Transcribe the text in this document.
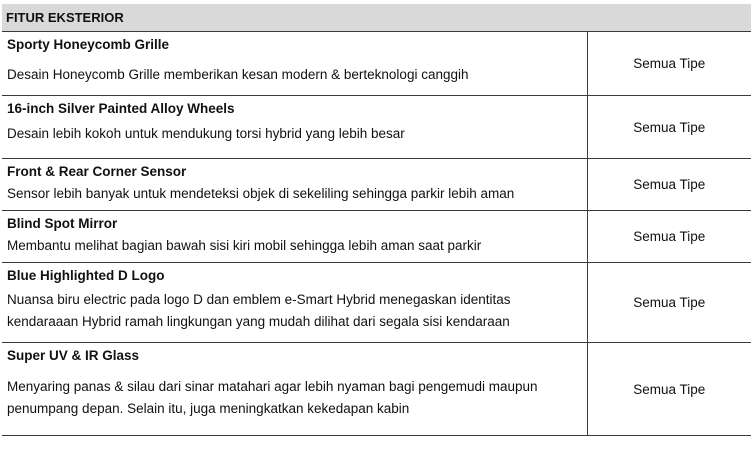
FITUR EKSTERIOR	

Sporty Honeycomb Grille
Desain Honeycomb Grille memberikan kesan modern & berteknologi canggih	Semua Tipe

16-inch Silver Painted Alloy Wheels
Desain lebih kokoh untuk mendukung torsi hybrid yang lebih besar	Semua Tipe

Front & Rear Corner Sensor
Sensor lebih banyak untuk mendeteksi objek di sekeliling sehingga parkir lebih aman	Semua Tipe

Blind Spot Mirror
Membantu melihat bagian bawah sisi kiri mobil sehingga lebih aman saat parkir	Semua Tipe

Blue Highlighted D Logo
Nuansa biru electric pada logo D dan emblem e-Smart Hybrid menegaskan identitas kendaraaan Hybrid ramah lingkungan yang mudah dilihat dari segala sisi kendaraan	Semua Tipe

Super UV & IR Glass
Menyaring panas & silau dari sinar matahari agar lebih nyaman bagi pengemudi maupun penumpang depan. Selain itu, juga meningkatkan kekedapan kabin	Semua Tipe
